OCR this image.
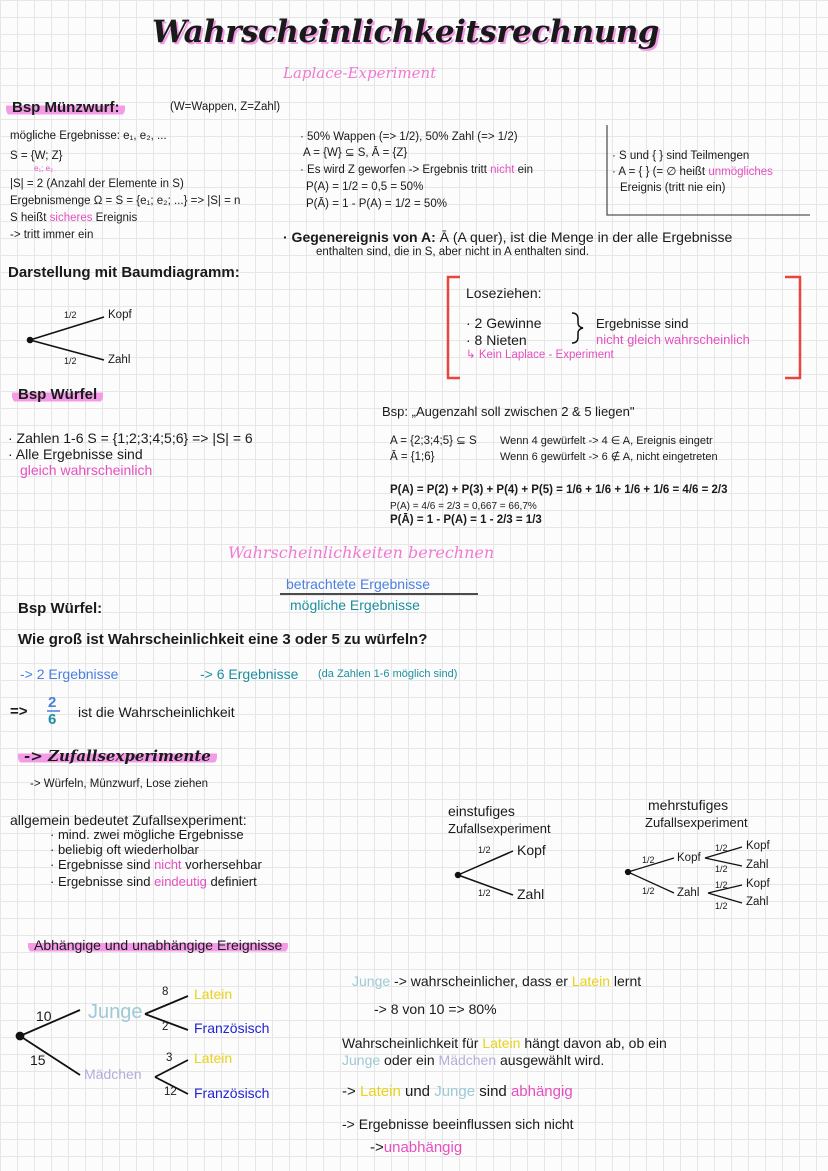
Wahrscheinlichkeitsrechnung
Laplace-Experiment
Bsp Münzwurf:	(W=Wappen, Z=Zahl)
mögliche Ergebnisse: e₁, e₂, ...
S = {W; Z}
e₁; e₂
|S| = 2 (Anzahl der Elemente in S)
Ergebnismenge Ω = S = {e₁; e₂; ...} => |S| = n
S heißt sicheres Ereignis
-> tritt immer ein
· 50% Wappen (=> 1/2), 50% Zahl (=> 1/2)
A = {W} ⊆ S, Ā = {Z}
· Es wird Z geworfen -> Ergebnis tritt nicht ein
P(A) = 1/2 = 0,5 = 50%
P(Ā) = 1 - P(A) = 1/2 = 50%
· S und { } sind Teilmengen
· A = { } (= ∅ heißt unmögliches
Ereignis (tritt nie ein)
· Gegenereignis von A: Ā (A quer), ist die Menge in der alle Ergebnisse
enthalten sind, die in S, aber nicht in A enthalten sind.
Darstellung mit Baumdiagramm:
1/2	Kopf
1/2	Zahl
Loseziehen:
· 2 Gewinne
· 8 Nieten
Ergebnisse sind
nicht gleich wahrscheinlich
↳ Kein Laplace - Experiment
Bsp Würfel
· Zahlen 1-6 S = {1;2;3;4;5;6} => |S| = 6
· Alle Ergebnisse sind
gleich wahrscheinlich
Bsp: „Augenzahl soll zwischen 2 & 5 liegen"
A = {2;3;4;5} ⊆ S
Ā = {1;6}
Wenn 4 gewürfelt -> 4 ∈ A, Ereignis eingetr
Wenn 6 gewürfelt -> 6 ∉ A, nicht eingetreten
P(A) = P(2) + P(3) + P(4) + P(5) = 1/6 + 1/6 + 1/6 + 1/6 = 4/6 = 2/3
P(A) = 4/6 = 2/3 = 0,667 = 66,7%
P(Ā) = 1 - P(A) = 1 - 2/3 = 1/3
Wahrscheinlichkeiten berechnen
betrachtete Ergebnisse
mögliche Ergebnisse
Bsp Würfel:
Wie groß ist Wahrscheinlichkeit eine 3 oder 5 zu würfeln?
-> 2 Ergebnisse	-> 6 Ergebnisse (da Zahlen 1-6 möglich sind)
=>
2
6 ist die Wahrscheinlichkeit
-> Zufallsexperimente
-> Würfeln, Münzwurf, Lose ziehen
allgemein bedeutet Zufallsexperiment:
· mind. zwei mögliche Ergebnisse
· beliebig oft wiederholbar
· Ergebnisse sind nicht vorhersehbar
· Ergebnisse sind eindeutig definiert
einstufiges
Zufallsexperiment
1/2 Kopf
1/2 Zahl
mehrstufiges
Zufallsexperiment
1/2
1/2
Kopf
Zahl
1/2
1/2
1/2
1/2
Kopf
Zahl
Kopf
Zahl
Abhängige und unabhängige Ereignisse
10
15
Junge
Mädchen
8
2
3
12
Latein
Französisch
Latein
Französisch
Junge -> wahrscheinlicher, dass er Latein lernt
-> 8 von 10 => 80%
Wahrscheinlichkeit für Latein hängt davon ab, ob ein
Junge oder ein Mädchen ausgewählt wird.
-> Latein und Junge sind abhängig
-> Ergebnisse beeinflussen sich nicht
->unabhängig
